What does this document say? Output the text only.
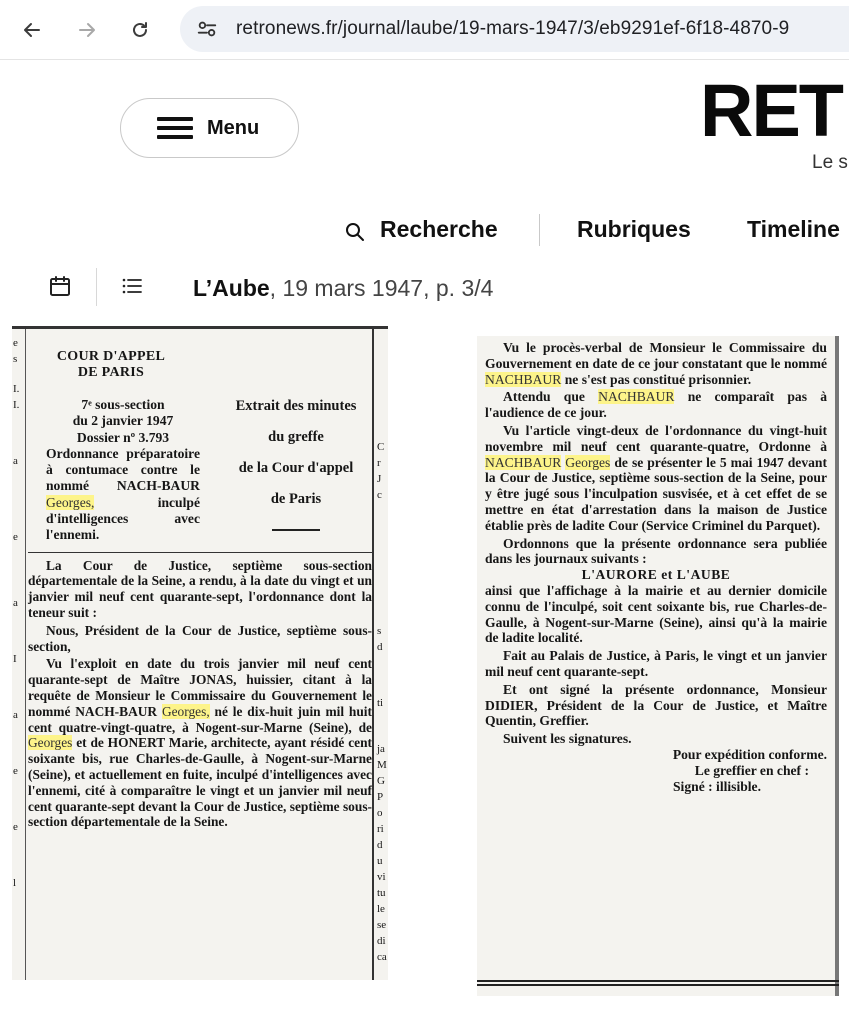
retronews.fr/journal/laube/19-mars-1947/3/eb9291ef-6f18-4870-9
Menu	RET
Le s
Recherche	Rubriques Timeline
L’Aube, 19 mars 1947, p. 3/4
e
s
I.
I.
a
e
a
I
a
e
e
l
COUR D'APPEL
DE PARIS
7ᵉ sous-section
du 2 janvier 1947
Dossier nº 3.793
Ordonnance préparatoire à contumace contre le nommé NACH-BAUR Georges,	inculpé d'intelligences avec l'ennemi.
Extrait des minutes
du greffe
de la Cour d'appel
de Paris
La Cour de Justice, septième sous-section départementale de la Seine, a rendu, à la date du vingt et un janvier mil neuf cent quarante-sept, l'ordonnance dont la teneur suit :
Nous, Président de la Cour de Justice, septième sous-section,
Vu l'exploit en date du trois janvier mil neuf cent quarante-sept de Maître JONAS, huissier, citant à la requête de Monsieur le Commissaire du Gouvernement le nommé NACH-BAUR Georges, né le dix-huit juin mil huit cent quatre-vingt-quatre, à Nogent-sur-Marne (Seine), de Georges et de HONERT Marie, architecte, ayant résidé cent soixante bis, rue Charles-de-Gaulle, à Nogent-sur-Marne (Seine), et actuellement en fuite, inculpé d'intelligences avec l'ennemi, cité à comparaître le vingt et un janvier mil neuf cent quarante-sept devant la Cour de Justice, septième sous-section départementale de la Seine.
C
r
J
c
s
d
ti
ja
M
G
P
o
ri
d
u
vi
tu
le
se
di
ca
Vu le procès-verbal de Monsieur le Commissaire du Gouvernement en date de ce jour constatant que le nommé NACHBAUR ne s'est pas constitué prisonnier.
Attendu que NACHBAUR ne comparaît pas à l'audience de ce jour.
Vu l'article vingt-deux de l'ordonnance du vingt-huit novembre mil neuf cent quarante-quatre, Ordonne à NACHBAUR Georges de se présenter le 5 mai 1947 devant la Cour de Justice, septième sous-section de la Seine, pour y être jugé sous l'inculpation susvisée, et à cet effet de se mettre en état d'arrestation dans la maison de Justice établie près de ladite Cour (Service Criminel du Parquet).
Ordonnons que la présente ordonnance sera publiée dans les journaux suivants :
L'AURORE et L'AUBE
ainsi que l'affichage à la mairie et au dernier domicile connu de l'inculpé, soit cent soixante bis, rue Charles-de-Gaulle, à Nogent-sur-Marne (Seine), ainsi qu'à la mairie de ladite localité.
Fait au Palais de Justice, à Paris, le vingt et un janvier mil neuf cent quarante-sept.
Et ont signé la présente ordonnance, Monsieur DIDIER, Président de la Cour de Justice, et Maître Quentin, Greffier.
Suivent les signatures.
Pour expédition conforme.
Le greffier en chef :
Signé : illisible.
